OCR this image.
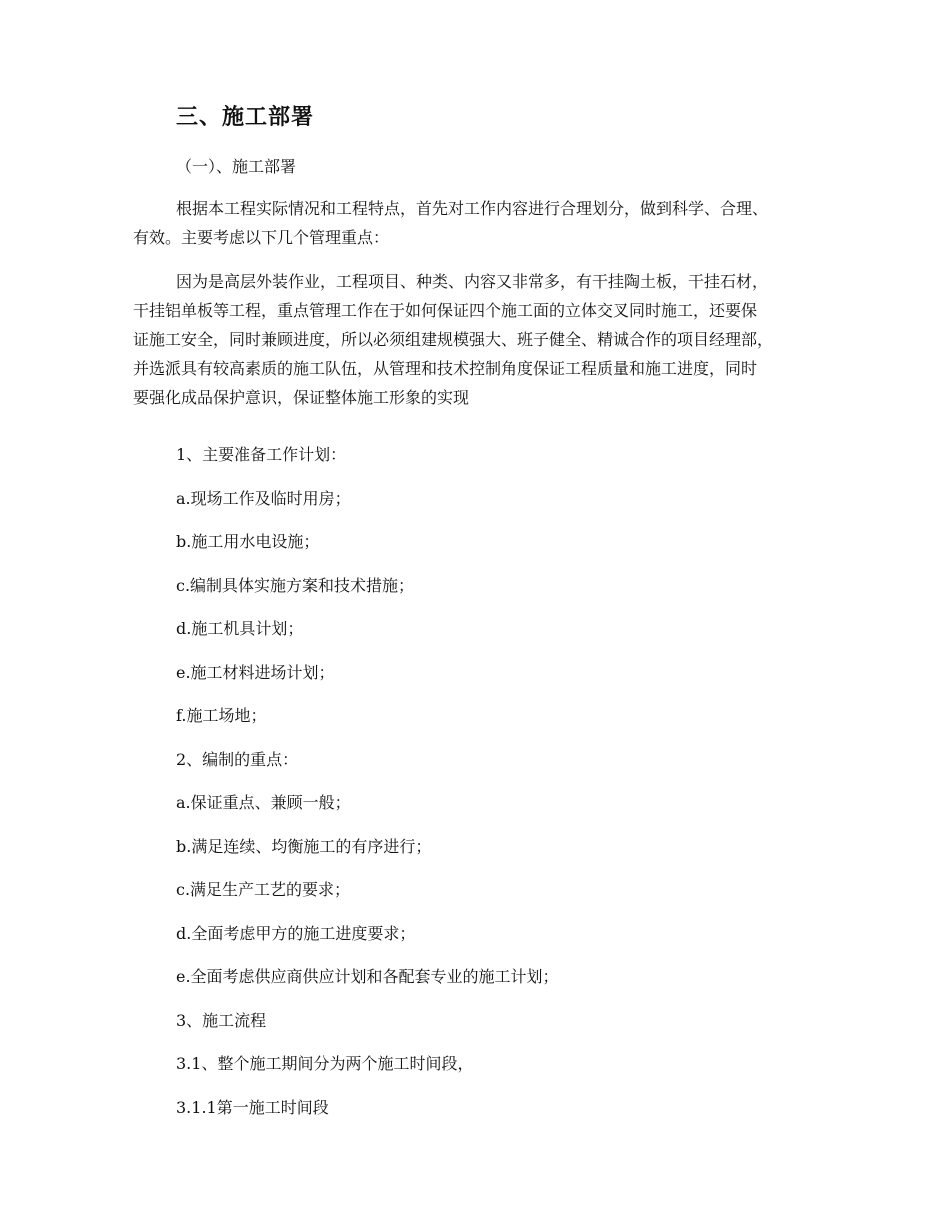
三、施工部署

（一）、施工部署

根据本工程实际情况和工程特点，首先对工作内容进行合理划分，做到科学、合理、
有效。主要考虑以下几个管理重点：

因为是高层外装作业，工程项目、种类、内容又非常多，有干挂陶土板，干挂石材，
干挂铝单板等工程，重点管理工作在于如何保证四个施工面的立体交叉同时施工，还要保
证施工安全，同时兼顾进度，所以必须组建规模强大、班子健全、精诚合作的项目经理部，
并选派具有较高素质的施工队伍，从管理和技术控制角度保证工程质量和施工进度，同时
要强化成品保护意识，保证整体施工形象的实现

1、主要准备工作计划：
a.现场工作及临时用房；
b.施工用水电设施；
c.编制具体实施方案和技术措施；
d.施工机具计划；
e.施工材料进场计划；
f.施工场地；
2、编制的重点：
a.保证重点、兼顾一般；
b.满足连续、均衡施工的有序进行；
c.满足生产工艺的要求；
d.全面考虑甲方的施工进度要求；
e.全面考虑供应商供应计划和各配套专业的施工计划；
3、施工流程
3.1、整个施工期间分为两个施工时间段，
3.1.1第一施工时间段
